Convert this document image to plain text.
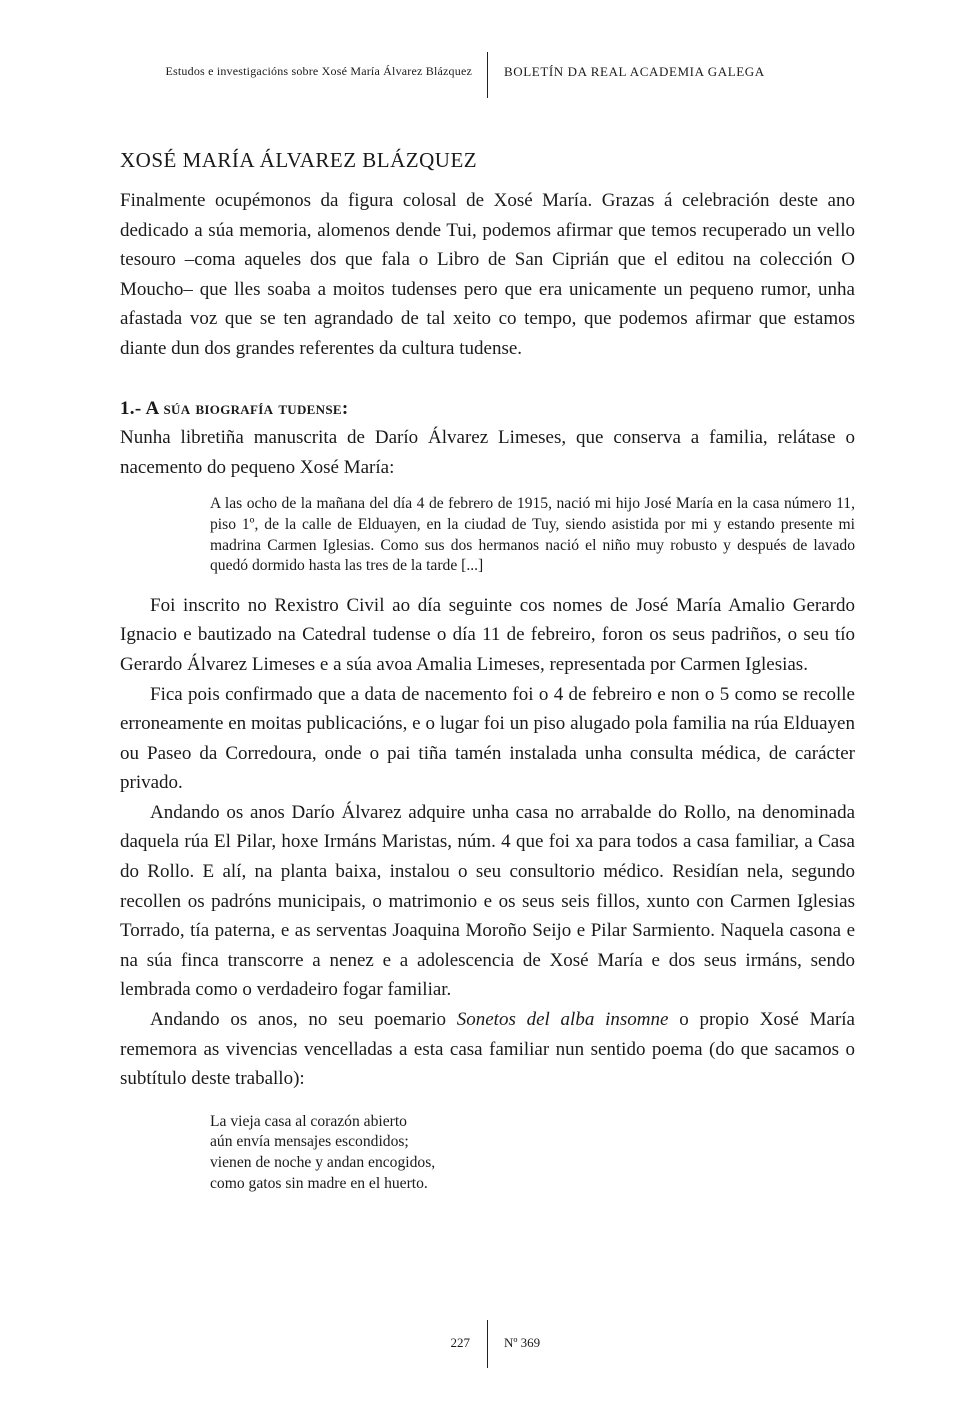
Estudos e investigacións sobre Xosé María Álvarez Blázquez BOLETÍN DA REAL ACADEMIA GALEGA
XOSÉ MARÍA ÁLVAREZ BLÁZQUEZ

Finalmente ocupémonos da figura colosal de Xosé María. Grazas á celebración deste ano dedicado a súa memoria, alomenos dende Tui, podemos afirmar que temos recuperado un vello tesouro –coma aqueles dos que fala o Libro de San Ciprián que el editou na colección O Moucho– que lles soaba a moitos tudenses pero que era unicamente un pequeno rumor, unha afastada voz que se ten agrandado de tal xeito co tempo, que podemos afirmar que estamos diante dun dos grandes referentes da cultura tudense.

1.- A súa biografía tudense:

Nunha libretiña manuscrita de Darío Álvarez Limeses, que conserva a familia, relátase o nacemento do pequeno Xosé María:

A las ocho de la mañana del día 4 de febrero de 1915, nació mi hijo José María en la casa número 11, piso 1º, de la calle de Elduayen, en la ciudad de Tuy, siendo asistida por mi y estando presente mi madrina Carmen Iglesias. Como sus dos hermanos nació el niño muy robusto y después de lavado quedó dormido hasta las tres de la tarde [...]

Foi inscrito no Rexistro Civil ao día seguinte cos nomes de José María Amalio Gerardo Ignacio e bautizado na Catedral tudense o día 11 de febreiro, foron os seus padriños, o seu tío Gerardo Álvarez Limeses e a súa avoa Amalia Limeses, representada por Carmen Iglesias.

Fica pois confirmado que a data de nacemento foi o 4 de febreiro e non o 5 como se recolle erroneamente en moitas publicacións, e o lugar foi un piso alugado pola familia na rúa Elduayen ou Paseo da Corredoura, onde o pai tiña tamén instalada unha consulta médica, de carácter privado.

Andando os anos Darío Álvarez adquire unha casa no arrabalde do Rollo, na denominada daquela rúa El Pilar, hoxe Irmáns Maristas, núm. 4 que foi xa para todos a casa familiar, a Casa do Rollo. E alí, na planta baixa, instalou o seu consultorio médico. Residían nela, segundo recollen os padróns municipais, o matrimonio e os seus seis fillos, xunto con Carmen Iglesias Torrado, tía paterna, e as serventas Joaquina Moroño Seijo e Pilar Sarmiento. Naquela casona e na súa finca transcorre a nenez e a adolescencia de Xosé María e dos seus irmáns, sendo lembrada como o verdadeiro fogar familiar.

Andando os anos, no seu poemario Sonetos del alba insomne o propio Xosé María rememora as vivencias vencelladas a esta casa familiar nun sentido poema (do que sacamos o subtítulo deste traballo):

La vieja casa al corazón abierto
aún envía mensajes escondidos;
vienen de noche y andan encogidos,
como gatos sin madre en el huerto.
227	Nº 369
